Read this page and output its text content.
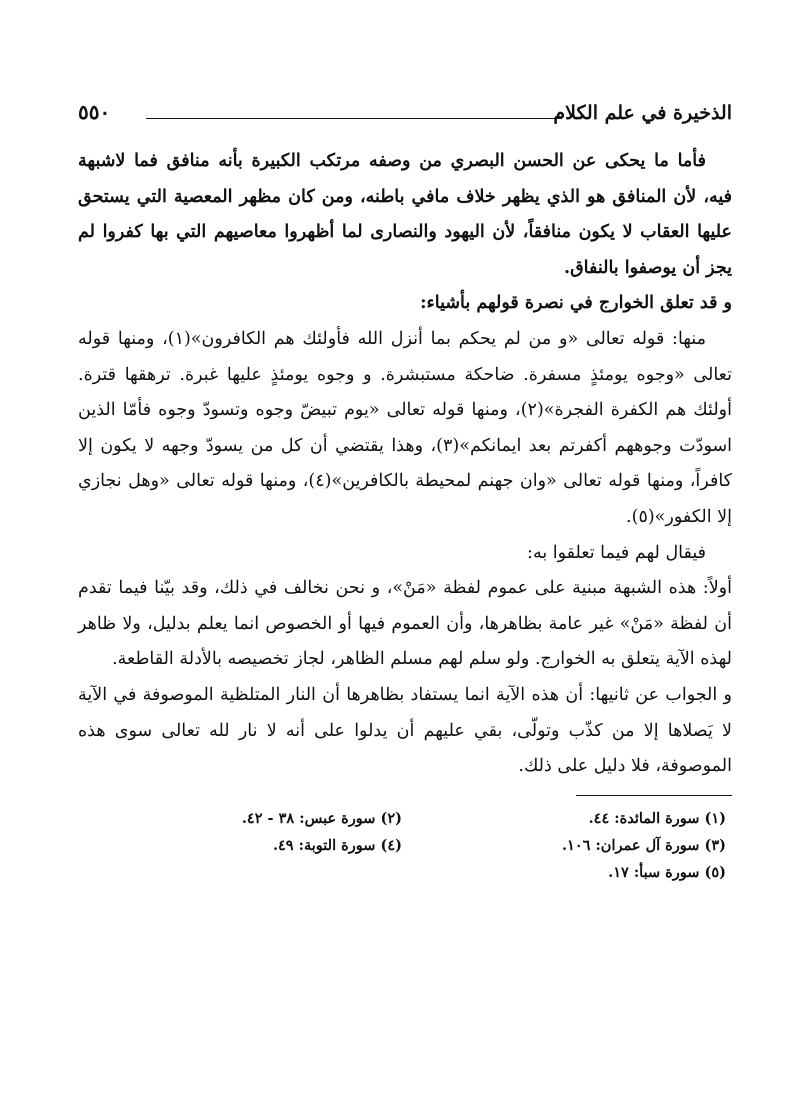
الذخيرة في علم الكلام
٥٥٠

فأما ما يحكى عن الحسن البصري من وصفه مرتكب الكبيرة بأنه منافق فما لاشبهة فيه، لأن المنافق هو الذي يظهر خلاف مافي باطنه، ومن كان مظهر المعصية التي يستحق عليها العقاب لا يكون منافقاً، لأن اليهود والنصارى لما أظهروا معاصيهم التي بها كفروا لم يجز أن يوصفوا بالنفاق.

و قد تعلق الخوارج في نصرة قولهم بأشياء:

منها: قوله تعالى «و من لم يحكم بما أنزل الله فأولئك هم الكافرون»(١)، ومنها قوله تعالى «وجوه يومئذٍ مسفرة. ضاحكة مستبشرة. و وجوه يومئذٍ عليها غبرة. ترهقها قترة. أولئك هم الكفرة الفجرة»(٢)، ومنها قوله تعالى «يوم تبيضّ وجوه وتسودّ وجوه فأمّا الذين اسودّت وجوههم أكفرتم بعد ايمانكم»(٣)، وهذا يقتضي أن كل من يسودّ وجهه لا يكون إلا كافراً، ومنها قوله تعالى «وان جهنم لمحيطة بالكافرين»(٤)، ومنها قوله تعالى «وهل نجازي إلا الكفور»(٥).

فيقال لهم فيما تعلقوا به:

أولاً: هذه الشبهة مبنية على عموم لفظة «مَنْ»، و نحن نخالف في ذلك، وقد بيّنا فيما تقدم أن لفظة «مَنْ» غير عامة بظاهرها، وأن العموم فيها أو الخصوص انما يعلم بدليل، ولا ظاهر لهذه الآية يتعلق به الخوارج. ولو سلم لهم مسلم الظاهر، لجاز تخصيصه بالأدلة القاطعة.

و الجواب عن ثانيها: أن هذه الآية انما يستفاد بظاهرها أن النار المتلظية الموصوفة في الآية لا يَصلاها إلا من كذّب وتولّى، بقي عليهم أن يدلوا على أنه لا نار لله تعالى سوى هذه الموصوفة، فلا دليل على ذلك.

(١) سورة المائدة: ٤٤.
(٢) سورة عبس: ٣٨ - ٤٢.
(٣) سورة آل عمران: ١٠٦.
(٤) سورة التوبة: ٤٩.
(٥) سورة سبأ: ١٧.
